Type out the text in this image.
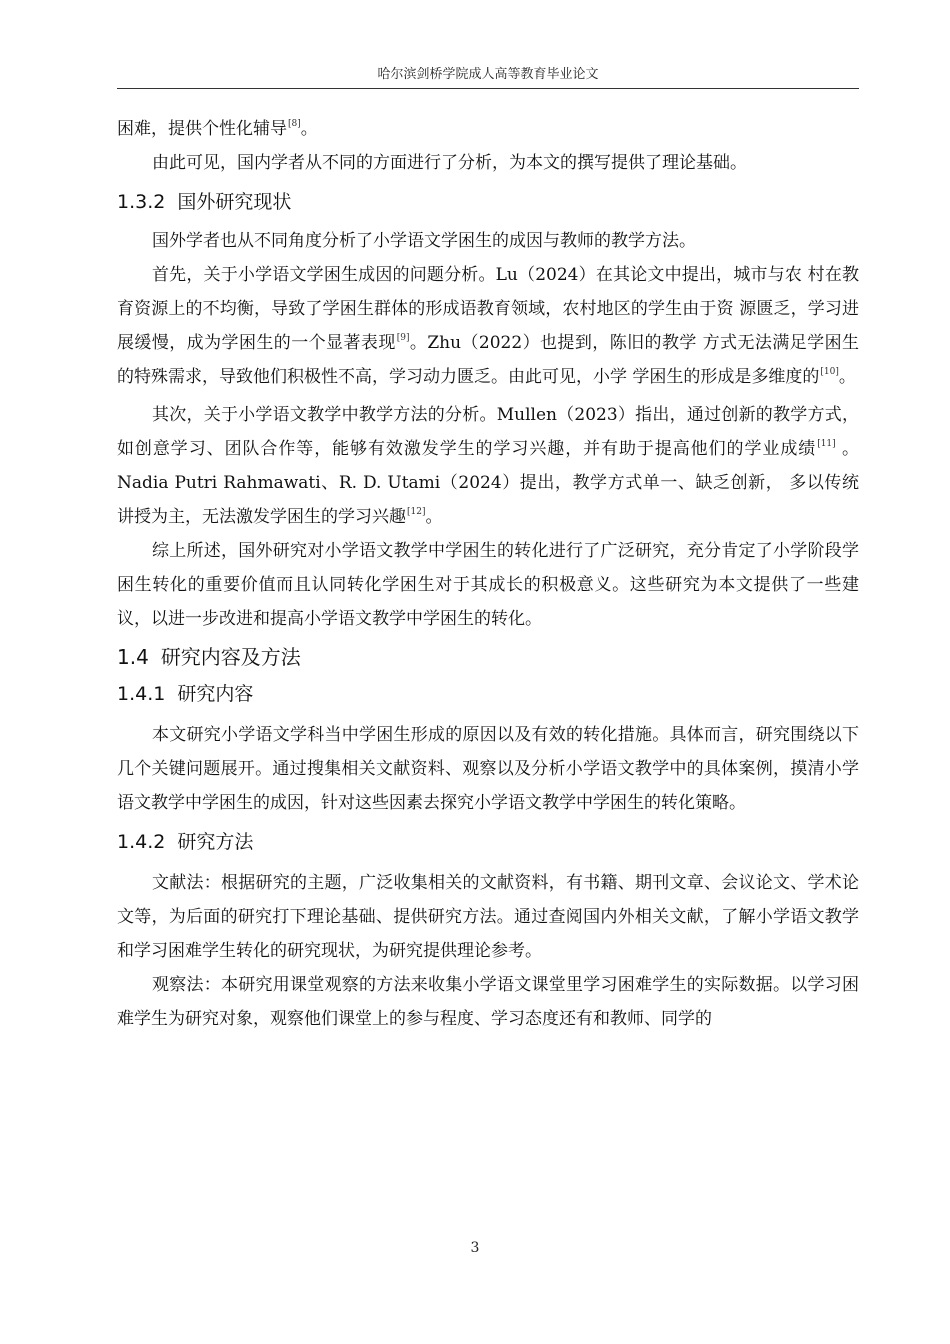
哈尔滨剑桥学院成人高等教育毕业论文

困难，提供个性化辅导[8]。

由此可见，国内学者从不同的方面进行了分析，为本文的撰写提供了理论基础。

1.3.2 国外研究现状

国外学者也从不同角度分析了小学语文学困生的成因与教师的教学方法。

首先，关于小学语文学困生成因的问题分析。Lu（2024）在其论文中提出，城市与农 村在教育资源上的不均衡，导致了学困生群体的形成语教育领域，农村地区的学生由于资 源匮乏，学习进展缓慢，成为学困生的一个显著表现[9]。Zhu（2022）也提到，陈旧的教学 方式无法满足学困生的特殊需求，导致他们积极性不高，学习动力匮乏。由此可见，小学 学困生的形成是多维度的[10]。

其次，关于小学语文教学中教学方法的分析。Mullen（2023）指出，通过创新的教学方式，如创意学习、团队合作等，能够有效激发学生的学习兴趣，并有助于提高他们的学业成绩[11] 。Nadia Putri Rahmawati、R. D. Utami（2024）提出，教学方式单一、缺乏创新， 多以传统讲授为主，无法激发学困生的学习兴趣[12]。

综上所述，国外研究对小学语文教学中学困生的转化进行了广泛研究，充分肯定了小学阶段学困生转化的重要价值而且认同转化学困生对于其成长的积极意义。这些研究为本文提供了一些建议，以进一步改进和提高小学语文教学中学困生的转化。

1.4 研究内容及方法
1.4.1 研究内容

本文研究小学语文学科当中学困生形成的原因以及有效的转化措施。具体而言，研究围绕以下几个关键问题展开。通过搜集相关文献资料、观察以及分析小学语文教学中的具体案例，摸清小学语文教学中学困生的成因，针对这些因素去探究小学语文教学中学困生的转化策略。

1.4.2 研究方法

文献法：根据研究的主题，广泛收集相关的文献资料，有书籍、期刊文章、会议论文、学术论文等，为后面的研究打下理论基础、提供研究方法。通过查阅国内外相关文献，了解小学语文教学和学习困难学生转化的研究现状，为研究提供理论参考。

观察法：本研究用课堂观察的方法来收集小学语文课堂里学习困难学生的实际数据。以学习困难学生为研究对象，观察他们课堂上的参与程度、学习态度还有和教师、同学的

3
